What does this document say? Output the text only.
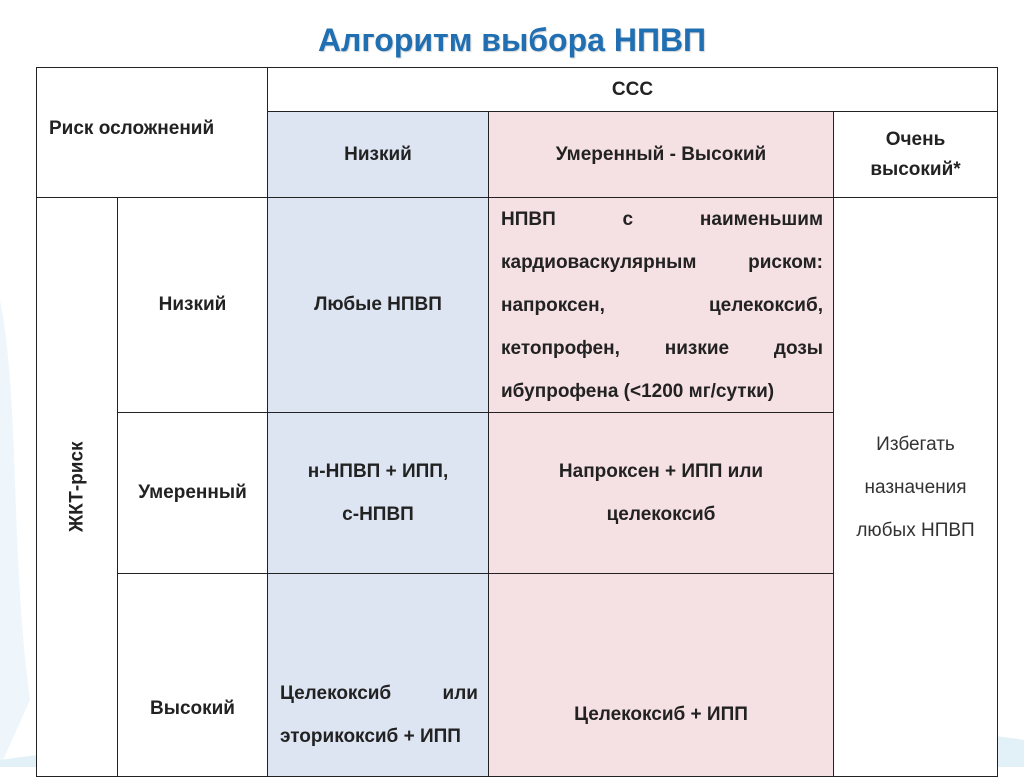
Алгоритм выбора НПВП
Риск осложнений
ССС
Низкий	Умеренный - Высокий
Очень
высокий*
ЖКТ-риск
Низкий	Любые НПВП

НПВП с наименьшим

кардиоваскулярным риском:

напроксен, целекоксиб,

кетопрофен, низкие дозы

ибупрофена (<1200 мг/сутки)

Избегать
назначения
любых НПВП
Умеренный
н-НПВП + ИПП,
с-НПВП
Напроксен + ИПП или
целекоксиб
Высокий

Целекоксиб или

эторикоксиб + ИПП

Целекоксиб + ИПП
